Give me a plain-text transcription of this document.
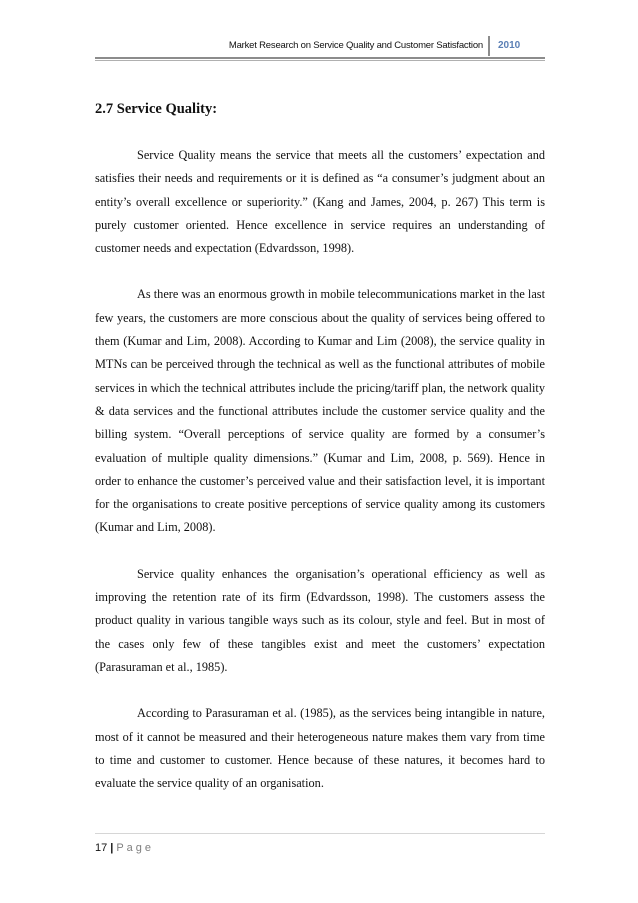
Market Research on Service Quality and Customer Satisfaction 2010
2.7 Service Quality:

Service Quality means the service that meets all the customers’ expectation and satisfies their needs and requirements or it is defined as “a consumer’s judgment about an entity’s overall excellence or superiority.” (Kang and James, 2004, p. 267) This term is purely customer oriented. Hence excellence in service requires an understanding of customer needs and expectation (Edvardsson, 1998).

As there was an enormous growth in mobile telecommunications market in the last few years, the customers are more conscious about the quality of services being offered to them (Kumar and Lim, 2008). According to Kumar and Lim (2008), the service quality in MTNs can be perceived through the technical as well as the functional attributes of mobile services in which the technical attributes include the pricing/tariff plan, the network quality & data services and the functional attributes include the customer service quality and the billing system. “Overall perceptions of service quality are formed by a consumer’s evaluation of multiple quality dimensions.” (Kumar and Lim, 2008, p. 569). Hence in order to enhance the customer’s perceived value and their satisfaction level, it is important for the organisations to create positive perceptions of service quality among its customers (Kumar and Lim, 2008).

Service quality enhances the organisation’s operational efficiency as well as improving the retention rate of its firm (Edvardsson, 1998). The customers assess the product quality in various tangible ways such as its colour, style and feel. But in most of the cases only few of these tangibles exist and meet the customers’ expectation (Parasuraman et al., 1985).

According to Parasuraman et al. (1985), as the services being intangible in nature, most of it cannot be measured and their heterogeneous nature makes them vary from time to time and customer to customer. Hence because of these natures, it becomes hard to evaluate the service quality of an organisation.

17 | Page
